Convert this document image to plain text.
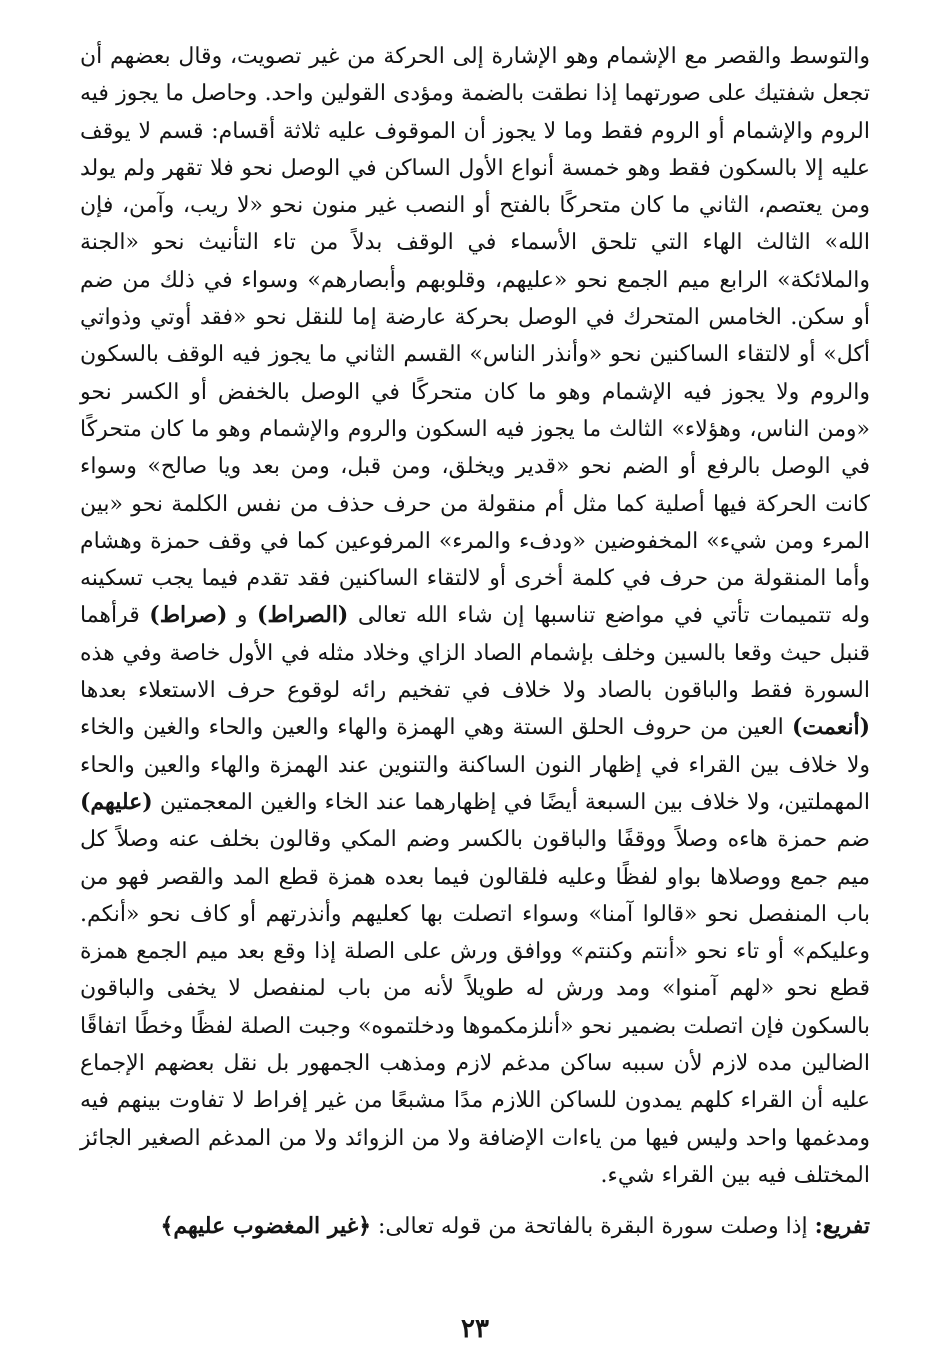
والتوسط والقصر مع الإشمام وهو الإشارة إلى الحركة من غير تصويت، وقال بعضهم أن تجعل شفتيك على صورتهما إذا نطقت بالضمة ومؤدى القولين واحد. وحاصل ما يجوز فيه الروم والإشمام أو الروم فقط وما لا يجوز أن الموقوف عليه ثلاثة أقسام: قسم لا يوقف عليه إلا بالسكون فقط وهو خمسة أنواع الأول الساكن في الوصل نحو فلا تقهر ولم يولد ومن يعتصم، الثاني ما كان متحركًا بالفتح أو النصب غير منون نحو «لا ريب، وآمن، فإن الله» الثالث الهاء التي تلحق الأسماء في الوقف بدلاً من تاء التأنيث نحو «الجنة والملائكة» الرابع ميم الجمع نحو «عليهم، وقلوبهم وأبصارهم» وسواء في ذلك من ضم أو سكن. الخامس المتحرك في الوصل بحركة عارضة إما للنقل نحو «فقد أوتي وذواتي أكل» أو لالتقاء الساكنين نحو «وأنذر الناس» القسم الثاني ما يجوز فيه الوقف بالسكون والروم ولا يجوز فيه الإشمام وهو ما كان متحركًا في الوصل بالخفض أو الكسر نحو «ومن الناس، وهؤلاء» الثالث ما يجوز فيه السكون والروم والإشمام وهو ما كان متحركًا في الوصل بالرفع أو الضم نحو «قدير ويخلق، ومن قبل، ومن بعد ويا صالح» وسواء كانت الحركة فيها أصلية كما مثل أم منقولة من حرف حذف من نفس الكلمة نحو «بين المرء ومن شيء» المخفوضين «ودفء والمرء» المرفوعين كما في وقف حمزة وهشام وأما المنقولة من حرف في كلمة أخرى أو لالتقاء الساكنين فقد تقدم فيما يجب تسكينه وله تتميمات تأتي في مواضع تناسبها إن شاء الله تعالى (الصراط) و (صراط) قرأهما قنبل حيث وقعا بالسين وخلف بإشمام الصاد الزاي وخلاد مثله في الأول خاصة وفي هذه السورة فقط والباقون بالصاد ولا خلاف في تفخيم رائه لوقوع حرف الاستعلاء بعدها (أنعمت) العين من حروف الحلق الستة وهي الهمزة والهاء والعين والحاء والغين والخاء ولا خلاف بين القراء في إظهار النون الساكنة والتنوين عند الهمزة والهاء والعين والحاء المهملتين، ولا خلاف بين السبعة أيضًا في إظهارهما عند الخاء والغين المعجمتين (عليهم) ضم حمزة هاءه وصلاً ووقفًا والباقون بالكسر وضم المكي وقالون بخلف عنه وصلاً كل ميم جمع ووصلاها بواو لفظًا وعليه فلقالون فيما بعده همزة قطع المد والقصر فهو من باب المنفصل نحو «قالوا آمنا» وسواء اتصلت بها كعليهم وأنذرتهم أو كاف نحو «أنكم. وعليكم» أو تاء نحو «أنتم وكنتم» ووافق ورش على الصلة إذا وقع بعد ميم الجمع همزة قطع نحو «لهم آمنوا» ومد ورش له طويلاً لأنه من باب لمنفصل لا يخفى والباقون بالسكون فإن اتصلت بضمير نحو «أنلزمكموها ودخلتموه» وجبت الصلة لفظًا وخطًا اتفاقًا الضالين مده لازم لأن سببه ساكن مدغم لازم ومذهب الجمهور بل نقل بعضهم الإجماع عليه أن القراء كلهم يمدون للساكن اللازم مدًا مشبعًا من غير إفراط لا تفاوت بينهم فيه ومدغمها واحد وليس فيها من ياءات الإضافة ولا من الزوائد ولا من المدغم الصغير الجائز المختلف فيه بين القراء شيء.

تفريع: إذا وصلت سورة البقرة بالفاتحة من قوله تعالى: ﴿غير المغضوب عليهم﴾
٢٣
